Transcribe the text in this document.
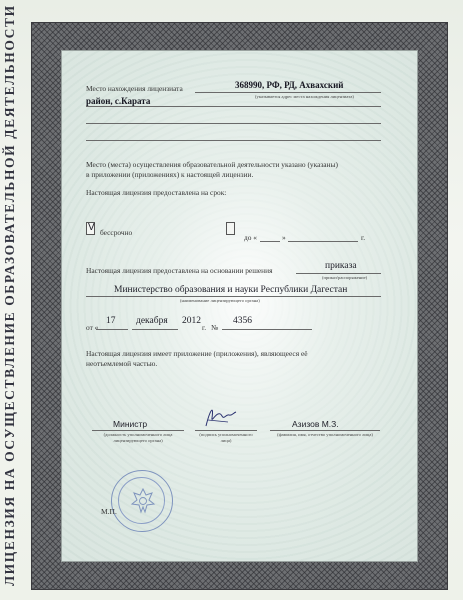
ЛИЦЕНЗИЯ НА ОСУЩЕСТВЛЕНИЕ ОБРАЗОВАТЕЛЬНОЙ ДЕЯТЕЛЬНОСТИ	Место нахождения лицензиата	368990, РФ, РД, Ахвахский
(указывается адрес места нахождения лицензиата)
район, с.Карата
Место (места) осуществления образовательной деятельности указано (указаны)
в приложении (приложениях) к настоящей лицензии.
Настоящая лицензия предоставлена на срок:
V бессрочно
до «	»	г.
Настоящая лицензия предоставлена на основании решения	приказа
(приказ/распоряжение)
Министерство образования и науки Республики Дагестан
(наименование лицензирующего органа)
от «
17 декабря 2012
г. №
4356
Настоящая лицензия имеет приложение (приложения), являющееся её
неотъемлемой частью.
Министр
(должность уполномоченного лица лицензирующего органа)
(подпись уполномоченного лица)
Азизов М.З.
(фамилия, имя, отчество уполномоченного лица)
М.П.
